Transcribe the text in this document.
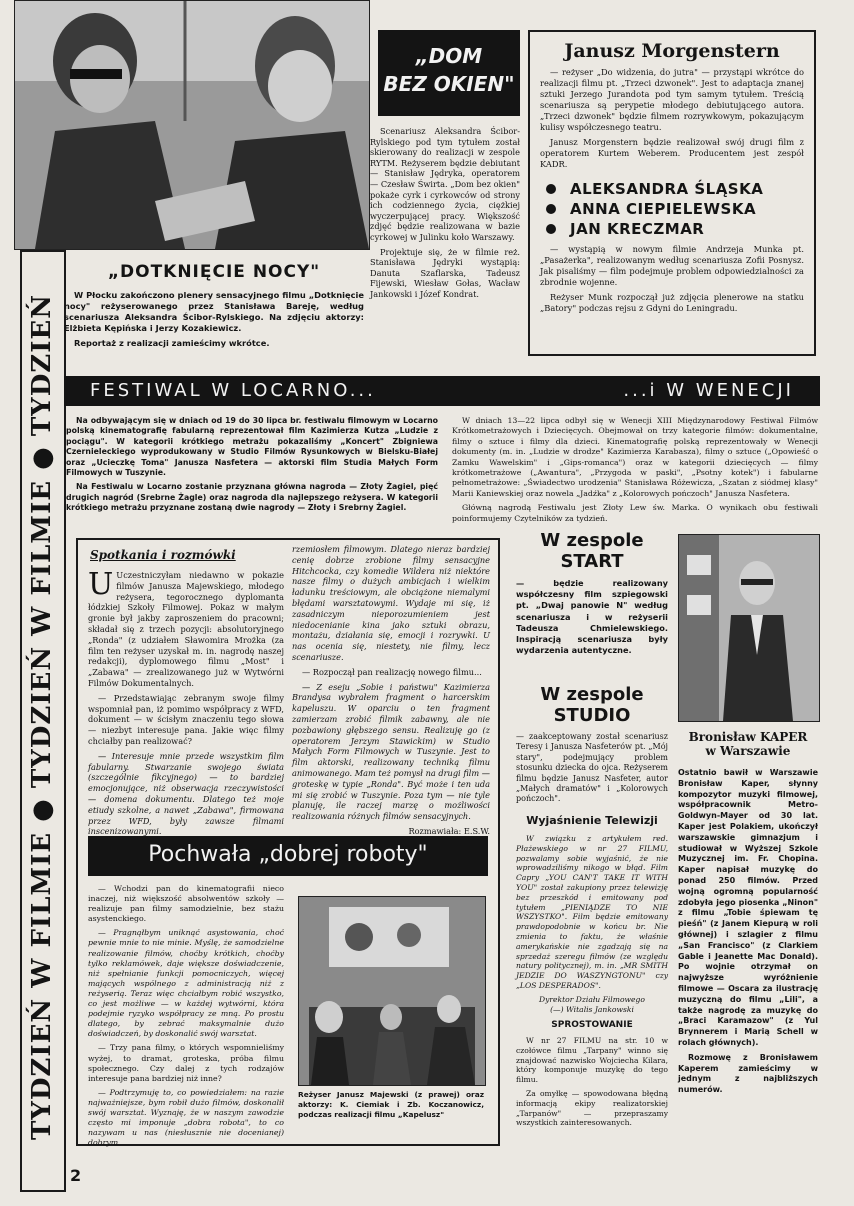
TYDZIEŃ W FILMIE ● TYDZIEŃ W FILMIE ● TYDZIEŃ
2
„DOM
BEZ OKIEN"

Scenariusz Aleksandra Ścibor-Rylskiego pod tym tytułem został skierowany do realizacji w zespole RYTM. Reżyserem będzie debiutant — Stanisław Jędryka, operatorem — Czesław Świrta. „Dom bez okien" pokaże cyrk i cyrkowców od strony ich codziennego życia, ciężkiej wyczerpującej pracy. Większość zdjęć będzie realizowana w bazie cyrkowej w Julinku koło Warszawy.

Projektuje się, że w filmie reż. Stanisława Jędryki wystąpią: Danuta Szaflarska, Tadeusz Fijewski, Wiesław Gołas, Wacław Jankowski i Józef Kondrat.

„DOTKNIĘCIE NOCY"

W Płocku zakończono plenery sensacyjnego filmu „Dotknięcie nocy" reżyserowanego przez Stanisława Bareję, według scenariusza Aleksandra Ścibor-Rylskiego. Na zdjęciu aktorzy: Elżbieta Kępińska i Jerzy Kozakiewicz.

Reportaż z realizacji zamieścimy wkrótce.

Janusz Morgenstern

— reżyser „Do widzenia, do jutra" — przystąpi wkrótce do realizacji filmu pt. „Trzeci dzwonek". Jest to adaptacja znanej sztuki Jerzego Jurandota pod tym samym tytułem. Treścią scenariusza są perypetie młodego debiutującego autora. „Trzeci dzwonek" będzie filmem rozrywkowym, pokazującym kulisy współczesnego teatru.

Janusz Morgenstern będzie realizował swój drugi film z operatorem Kurtem Weberem. Producentem jest zespół KADR.

ALEKSANDRA ŚLĄSKA
ANNA CIEPIELEWSKA
JAN KRECZMAR

— wystąpią w nowym filmie Andrzeja Munka pt. „Pasażerka", realizowanym według scenariusza Zofii Posnysz. Jak pisaliśmy — film podejmuje problem odpowiedzialności za zbrodnie wojenne.

Reżyser Munk rozpoczął już zdjęcia plenerowe na statku „Batory" podczas rejsu z Gdyni do Leningradu.

FESTIWAL W LOCARNO...	...i W WENECJI

Na odbywającym się w dniach od 19 do 30 lipca br. festiwalu filmowym w Locarno polską kinematografię fabularną reprezentował film Kazimierza Kutza „Ludzie z pociągu". W kategorii krótkiego metrażu pokazaliśmy „Koncert" Zbigniewa Czernieleckiego wyprodukowany w Studio Filmów Rysunkowych w Bielsku-Białej oraz „Ucieczkę Toma" Janusza Nasfetera — aktorski film Studia Małych Form Filmowych w Tuszynie.

Na Festiwalu w Locarno zostanie przyznana główna nagroda — Złoty Żagiel, pięć drugich nagród (Srebrne Żagle) oraz nagroda dla najlepszego reżysera. W kategorii krótkiego metrażu przyznane zostaną dwie nagrody — Złoty i Srebrny Żagiel.

W dniach 13—22 lipca odbył się w Wenecji XIII Międzynarodowy Festiwal Filmów Krótkometrażowych i Dziecięcych. Obejmował on trzy kategorie filmów: dokumentalne, filmy o sztuce i filmy dla dzieci. Kinematografię polską reprezentowały w Wenecji dokumenty (m. in. „Ludzie w drodze" Kazimierza Karabasza), filmy o sztuce („Opowieść o Zamku Wawelskim" i „Gips-romanca") oraz w kategorii dziecięcych — filmy krótkometrażowe („Awantura", „Przygoda w paski", „Psotny kotek") i fabularne pełnometrażowe: „Świadectwo urodzenia" Stanisława Różewicza, „Szatan z siódmej klasy" Marii Kaniewskiej oraz nowela „Jadźka" z „Kolorowych pończoch" Janusza Nasfetera.

Główną nagrodą Festiwalu jest Złoty Lew św. Marka. O wynikach obu festiwali poinformujemy Czytelników za tydzień.

Spotkania i rozmówki

U Uczestniczyłam niedawno w pokazie filmów Janusza Majewskiego, młodego reżysera, tegorocznego dyplomanta łódzkiej Szkoły Filmowej. Pokaz w małym gronie był jakby zaproszeniem do pracowni; składał się z trzech pozycji: absolutoryjnego „Ronda" (z udziałem Sławomira Mrożka (za film ten reżyser uzyskał m. in. nagrodę naszej redakcji), dyplomowego filmu „Most" i „Zabawa" — zrealizowanego już w Wytwórni Filmów Dokumentalnych.

— Przedstawiając zebranym swoje filmy wspomniał pan, iż pomimo współpracy z WFD, dokument — w ścisłym znaczeniu tego słowa — niezbyt interesuje pana. Jakie więc filmy chciałby pan realizować?

— Interesuje mnie przede wszystkim film fabularny. Stwarzanie swojego świata (szczególnie fikcyjnego) — to bardziej emocjonujące, niż obserwacja rzeczywistości — domena dokumentu. Dlatego też moje etiudy szkolne, a nawet „Zabawa", firmowana przez WFD, były zawsze filmami inscenizowanymi.

rzemiosłem filmowym. Dlatego nieraz bardziej cenię dobrze zrobione filmy sensacyjne Hitchcocka, czy komedie Wildera niż niektóre nasze filmy o dużych ambicjach i wielkim ładunku treściowym, ale obciążone niemalymi błędami warsztatowymi. Wydaje mi się, iż zasadniczym nieporozumieniem jest niedocenianie kina jako sztuki obrazu, montażu, działania się, emocji i rozrywki. U nas ocenia się, niestety, nie filmy, lecz scenariusze.

— Rozpoczął pan realizację nowego filmu...

— Z eseju „Sobie i państwu" Kazimierza Brandysa wybrałem fragment o harcerskim kapeluszu. W oparciu o ten fragment zamierzam zrobić filmik zabawny, ale nie pozbawiony głębszego sensu. Realizuję go (z operatorem Jerzym Stawickim) w Studio Małych Form Filmowych w Tuszynie. Jest to film aktorski, realizowany techniką filmu animowanego. Mam też pomysł na drugi film — groteskę w typie „Ronda". Być może i ten uda mi się zrobić w Tuszynie. Poza tym — nie tyle planuję, ile raczej marzę o możliwości realizowania różnych filmów sensacyjnych.

Rozmawiała: E.S.W.

Pochwała „dobrej roboty"

— Wchodzi pan do kinematografii nieco inaczej, niż większość absolwentów szkoły — realizuje pan filmy samodzielnie, bez stażu asystenckiego.

— Pragnąłbym uniknąć asystowania, choć pewnie mnie to nie minie. Myślę, że samodzielne realizowanie filmów, choćby krótkich, choćby tylko reklamówek, daje większe doświadczenie, niż spełnianie funkcji pomocniczych, więcej mających wspólnego z administracją niż z reżyserią. Teraz więc chciałbym robić wszystko, co jest możliwe — w każdej wytwórni, która podejmie ryzyko współpracy ze mną. Po prostu dlatego, by zebrać maksymalnie dużo doświadczeń, by doskonalić swój warsztat.

— Trzy pana filmy, o których wspomnieliśmy wyżej, to dramat, groteska, próba filmu społecznego. Czy dalej z tych rodzajów interesuje pana bardziej niż inne?

— Podtrzymuję to, co powiedziałem: na razie najważniejsze, bym robił dużo filmów, doskonalił swój warsztat. Wyznaję, że w naszym zawodzie często mi imponuje „dobra robota", to co nazywam u nas (niesłusznie nie docenianej) dobrym

Reżyser Janusz Majewski (z prawej) oraz aktorzy: K. Ciemiak i Zb. Koczanowicz, podczas realizacji filmu „Kapelusz"
W zespole
START
— będzie realizowany współczesny film szpiegowski pt. „Dwaj panowie N" według scenariusza i w reżyserii Tadeusza Chmielewskiego. Inspiracją scenariusza były wydarzenia autentyczne.
W zespole
STUDIO
— zaakceptowany został scenariusz Teresy i Janusza Nasfeterów pt. „Mój stary", podejmujący problem stosunku dziecka do ojca. Reżyserem filmu będzie Janusz Nasfeter, autor „Małych dramatów" i „Kolorowych pończoch".
Wyjaśnienie Telewizji

W związku z artykułem red. Płażewskiego w nr 27 FILMU, pozwalamy sobie wyjaśnić, że nie wprowadziliśmy nikogo w błąd. Film Capry „YOU CAN'T TAKE IT WITH YOU" został zakupiony przez telewizję bez przeszkód i emitowany pod tytułem „PIENIĄDZE TO NIE WSZYSTKO". Film będzie emitowany prawdopodobnie w końcu br. Nie zmienia to faktu, że właśnie amerykańskie nie zgadzają się na sprzedaż szeregu filmów (ze względu natury politycznej), m. in. „MR SMITH JEDZIE DO WASZYNGTONU" czy „LOS DESPERADOS".

Dyrektor Działu Filmowego

(—) Witalis Jankowski

SPROSTOWANIE

W nr 27 FILMU na str. 10 w czołówce filmu „Tarpany" winno się znajdować nazwisko Wojciecha Kilara, który komponuje muzykę do tego filmu.

Za omyłkę — spowodowana błędną informacją ekipy realizatorskiej „Tarpanów" — przepraszamy wszystkich zainteresowanych.

Bronisław KAPER
w Warszawie

Ostatnio bawił w Warszawie Bronisław Kaper, słynny kompozytor muzyki filmowej, współpracownik Metro-Goldwyn-Mayer od 30 lat. Kaper jest Polakiem, ukończył warszawskie gimnazjum i studiował w Wyższej Szkole Muzycznej im. Fr. Chopina. Kaper napisał muzykę do ponad 250 filmów. Przed wojną ogromną popularność zdobyła jego piosenka „Ninon" z filmu „Tobie śpiewam tę pieśń" (z Janem Kiepurą w roli głównej) i szlagier z filmu „San Francisco" (z Clarkiem Gable i Jeanette Mac Donald). Po wojnie otrzymał on najwyższe wyróżnienie filmowe — Oscara za ilustrację muzyczną do filmu „Lili", a także nagrodę za muzykę do „Braci Karamazow" (z Yul Brynnerem i Marią Schell w rolach głównych).

Rozmowę z Bronisławem Kaperem zamieścimy w jednym z najbliższych numerów.
